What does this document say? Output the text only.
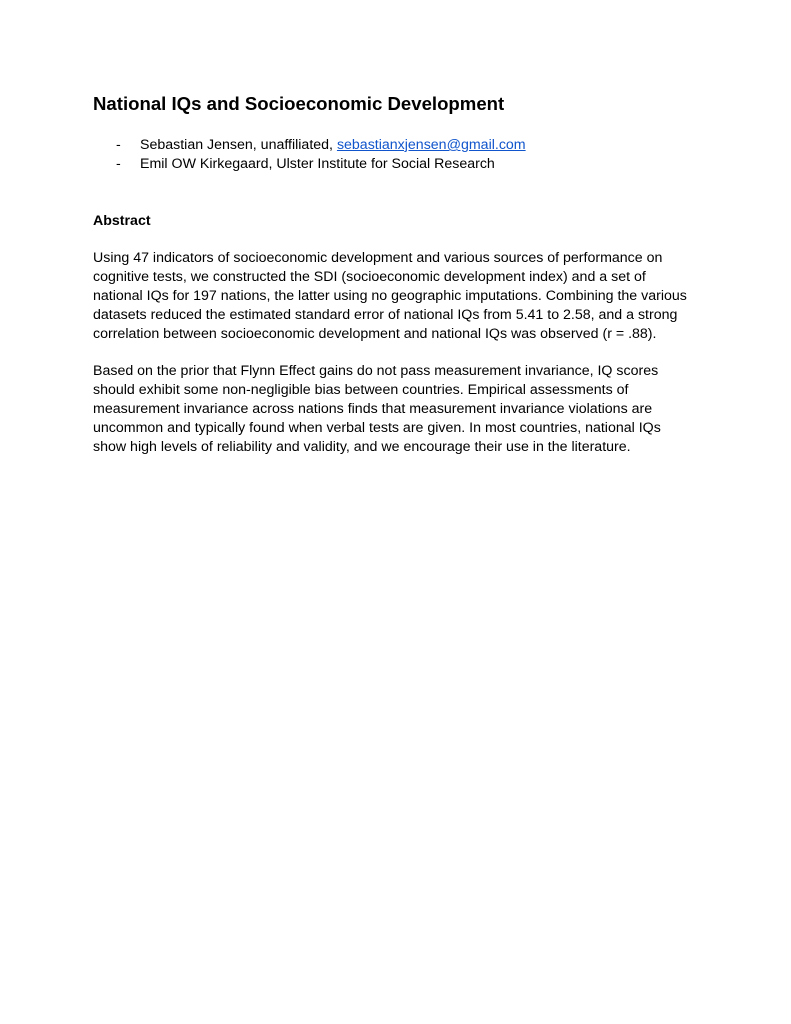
National IQs and Socioeconomic Development
- Sebastian Jensen, unaffiliated, sebastianxjensen@gmail.com
- Emil OW Kirkegaard, Ulster Institute for Social Research
Abstract

Using 47 indicators of socioeconomic development and various sources of performance on
cognitive tests, we constructed the SDI (socioeconomic development index) and a set of
national IQs for 197 nations, the latter using no geographic imputations. Combining the various
datasets reduced the estimated standard error of national IQs from 5.41 to 2.58, and a strong
correlation between socioeconomic development and national IQs was observed (r = .88).

Based on the prior that Flynn Effect gains do not pass measurement invariance, IQ scores
should exhibit some non-negligible bias between countries. Empirical assessments of
measurement invariance across nations finds that measurement invariance violations are
uncommon and typically found when verbal tests are given. In most countries, national IQs
show high levels of reliability and validity, and we encourage their use in the literature.
